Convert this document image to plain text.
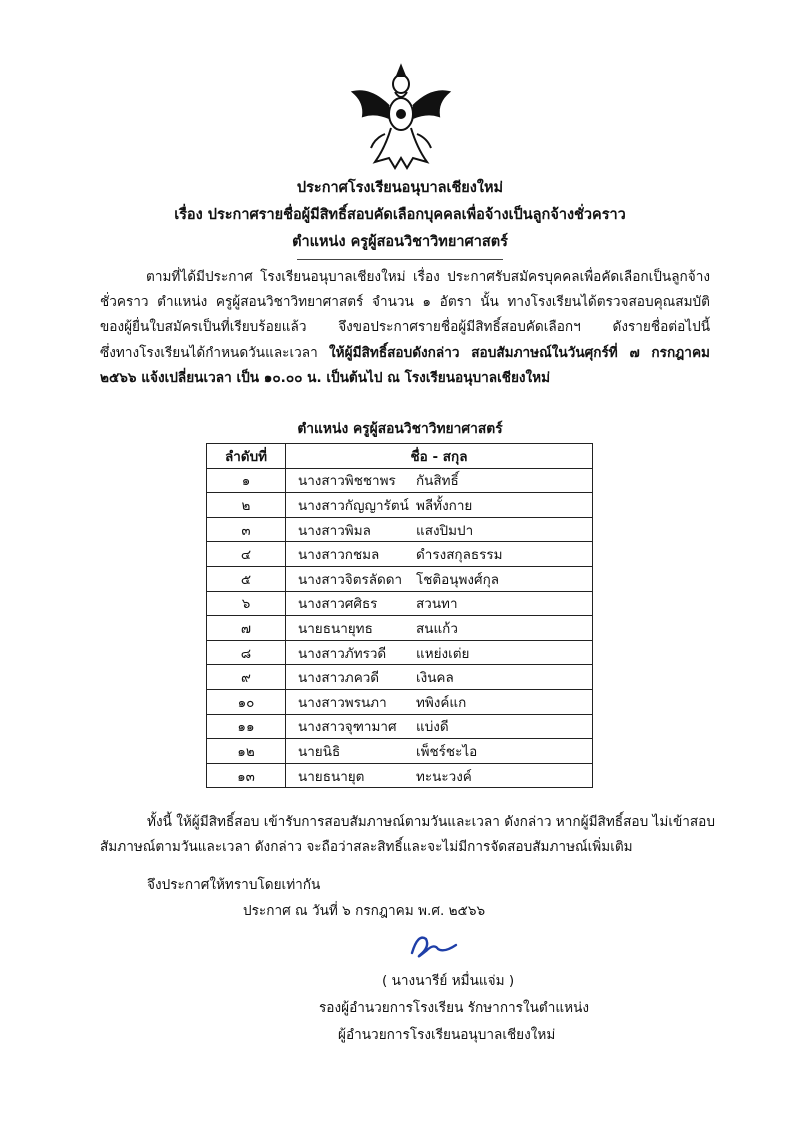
ประกาศโรงเรียนอนุบาลเชียงใหม่
เรื่อง ประกาศรายชื่อผู้มีสิทธิ์สอบคัดเลือกบุคคลเพื่อจ้างเป็นลูกจ้างชั่วคราว
ตำแหน่ง ครูผู้สอนวิชาวิทยาศาสตร์
ตามที่ได้มีประกาศ โรงเรียนอนุบาลเชียงใหม่ เรื่อง ประกาศรับสมัครบุคคลเพื่อคัดเลือกเป็นลูกจ้าง
ชั่วคราว ตำแหน่ง ครูผู้สอนวิชาวิทยาศาสตร์ จำนวน ๑ อัตรา นั้น ทางโรงเรียนได้ตรวจสอบคุณสมบัติ
ของผู้ยื่นใบสมัครเป็นที่เรียบร้อยแล้ว จึงขอประกาศรายชื่อผู้มีสิทธิ์สอบคัดเลือกฯ ดังรายชื่อต่อไปนี้
ซึ่งทางโรงเรียนได้กำหนดวันและเวลา ให้ผู้มีสิทธิ์สอบดังกล่าว สอบสัมภาษณ์ในวันศุกร์ที่ ๗ กรกฎาคม
๒๕๖๖ แจ้งเปลี่ยนเวลา เป็น ๑๐.๐๐ น. เป็นต้นไป ณ โรงเรียนอนุบาลเชียงใหม่
ตำแหน่ง ครูผู้สอนวิชาวิทยาศาสตร์
ลำดับที่	ชื่อ - สกุล
๑	นางสาวพิชชาพร กันสิทธิ์
๒	นางสาวกัญญารัตน์ พลีทั้งกาย
๓	นางสาวพิมล แสงปิมปา
๔	นางสาวกชมล ดำรงสกุลธรรม
๕	นางสาวจิตรลัดดา โชติอนุพงศ์กุล
๖	นางสาวศศิธร สวนทา
๗	นายธนายุทธ สนแก้ว
๘	นางสาวภัทรวดี แหย่งเต่ย
๙	นางสาวภควดี เงินคล
๑๐	นางสาวพรนภา ทพิงค์แก
๑๑	นางสาวจุฑามาศ แบ่งดี
๑๒	นายนิธิ เพ็ชร์ชะไอ
๑๓	นายธนายุต ทะนะวงค์
ทั้งนี้ ให้ผู้มีสิทธิ์สอบ เข้ารับการสอบสัมภาษณ์ตามวันและเวลา ดังกล่าว หากผู้มีสิทธิ์สอบ ไม่เข้าสอบ
สัมภาษณ์ตามวันและเวลา ดังกล่าว จะถือว่าสละสิทธิ์และจะไม่มีการจัดสอบสัมภาษณ์เพิ่มเติม
จึงประกาศให้ทราบโดยเท่ากัน
ประกาศ ณ วันที่ ๖ กรกฎาคม พ.ศ. ๒๕๖๖
( นางนารีย์ หมื่นแจ่ม )
รองผู้อำนวยการโรงเรียน รักษาการในตำแหน่ง
ผู้อำนวยการโรงเรียนอนุบาลเชียงใหม่
